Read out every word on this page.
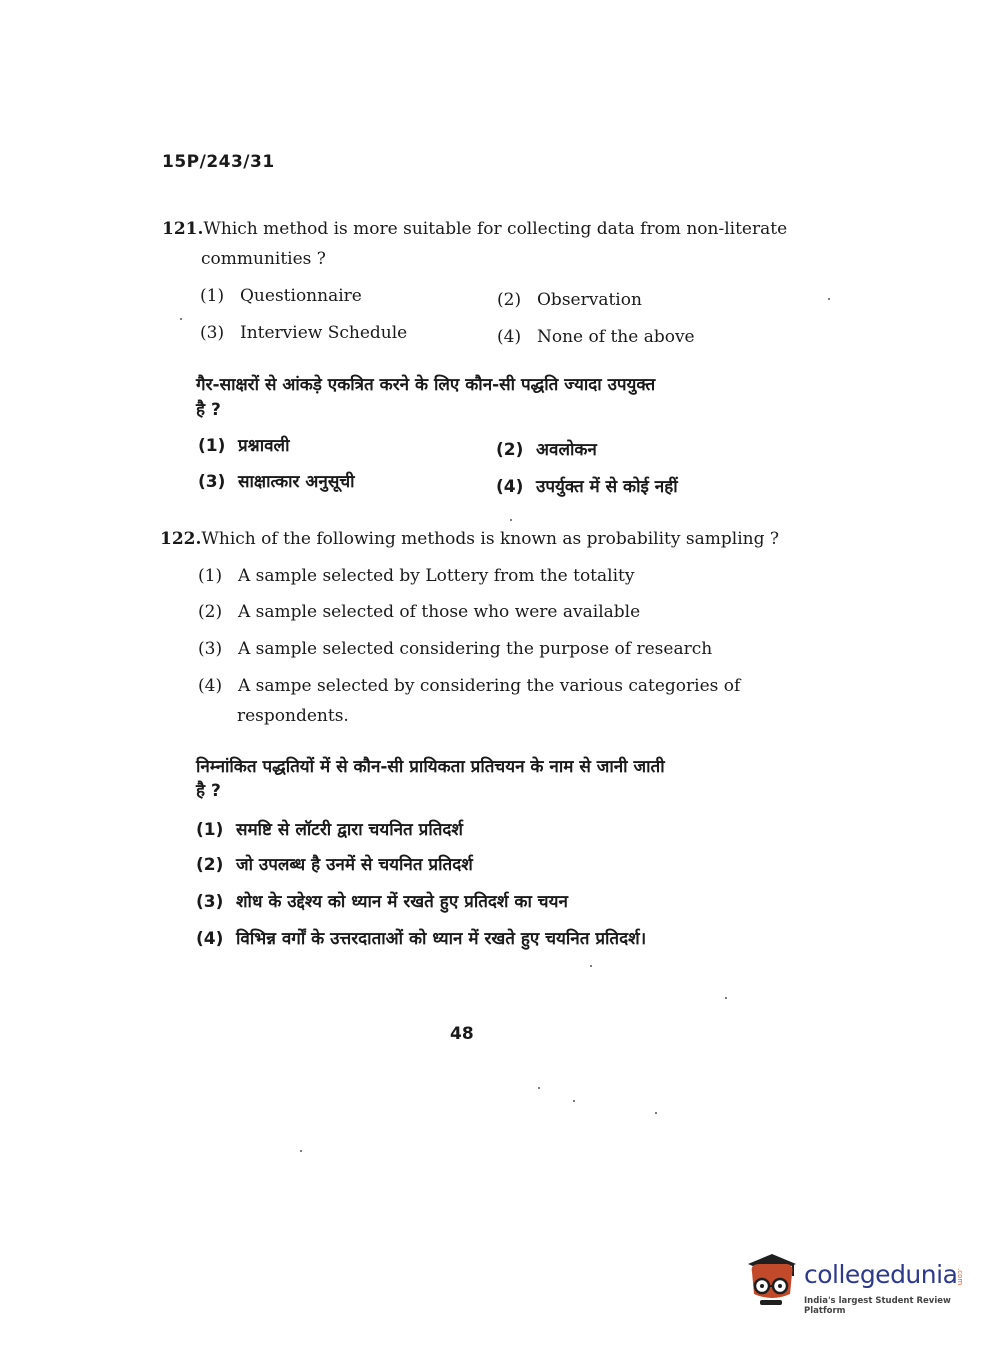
15P/243/31
121.Which method is more suitable for collecting data from non-literate
communities ?
(1) Questionnaire	(2) Observation
(3) Interview Schedule	(4) None of the above
गैर-साक्षरों से आंकड़े एकत्रित करने के लिए कौन-सी पद्धति ज्यादा उपयुक्त
है ?
(1) प्रश्नावली	(2) अवलोकन
(3) साक्षात्कार अनुसूची	(4) उपर्युक्त में से कोई नहीं
122.Which of the following methods is known as probability sampling ?
(1) A sample selected by Lottery from the totality
(2) A sample selected of those who were available
(3) A sample selected considering the purpose of research
(4) A sampe selected by considering the various categories of
respondents.
निम्नांकित पद्धतियों में से कौन-सी प्रायिकता प्रतिचयन के नाम से जानी जाती
है ?
(1) समष्टि से लॉटरी द्वारा चयनित प्रतिदर्श
(2) जो उपलब्ध है उनमें से चयनित प्रतिदर्श
(3) शोध के उद्देश्य को ध्यान में रखते हुए प्रतिदर्श का चयन
(4) विभिन्न वर्गों के उत्तरदाताओं को ध्यान में रखते हुए चयनित प्रतिदर्श।
48
collegedunia
.com
India's largest Student Review Platform
